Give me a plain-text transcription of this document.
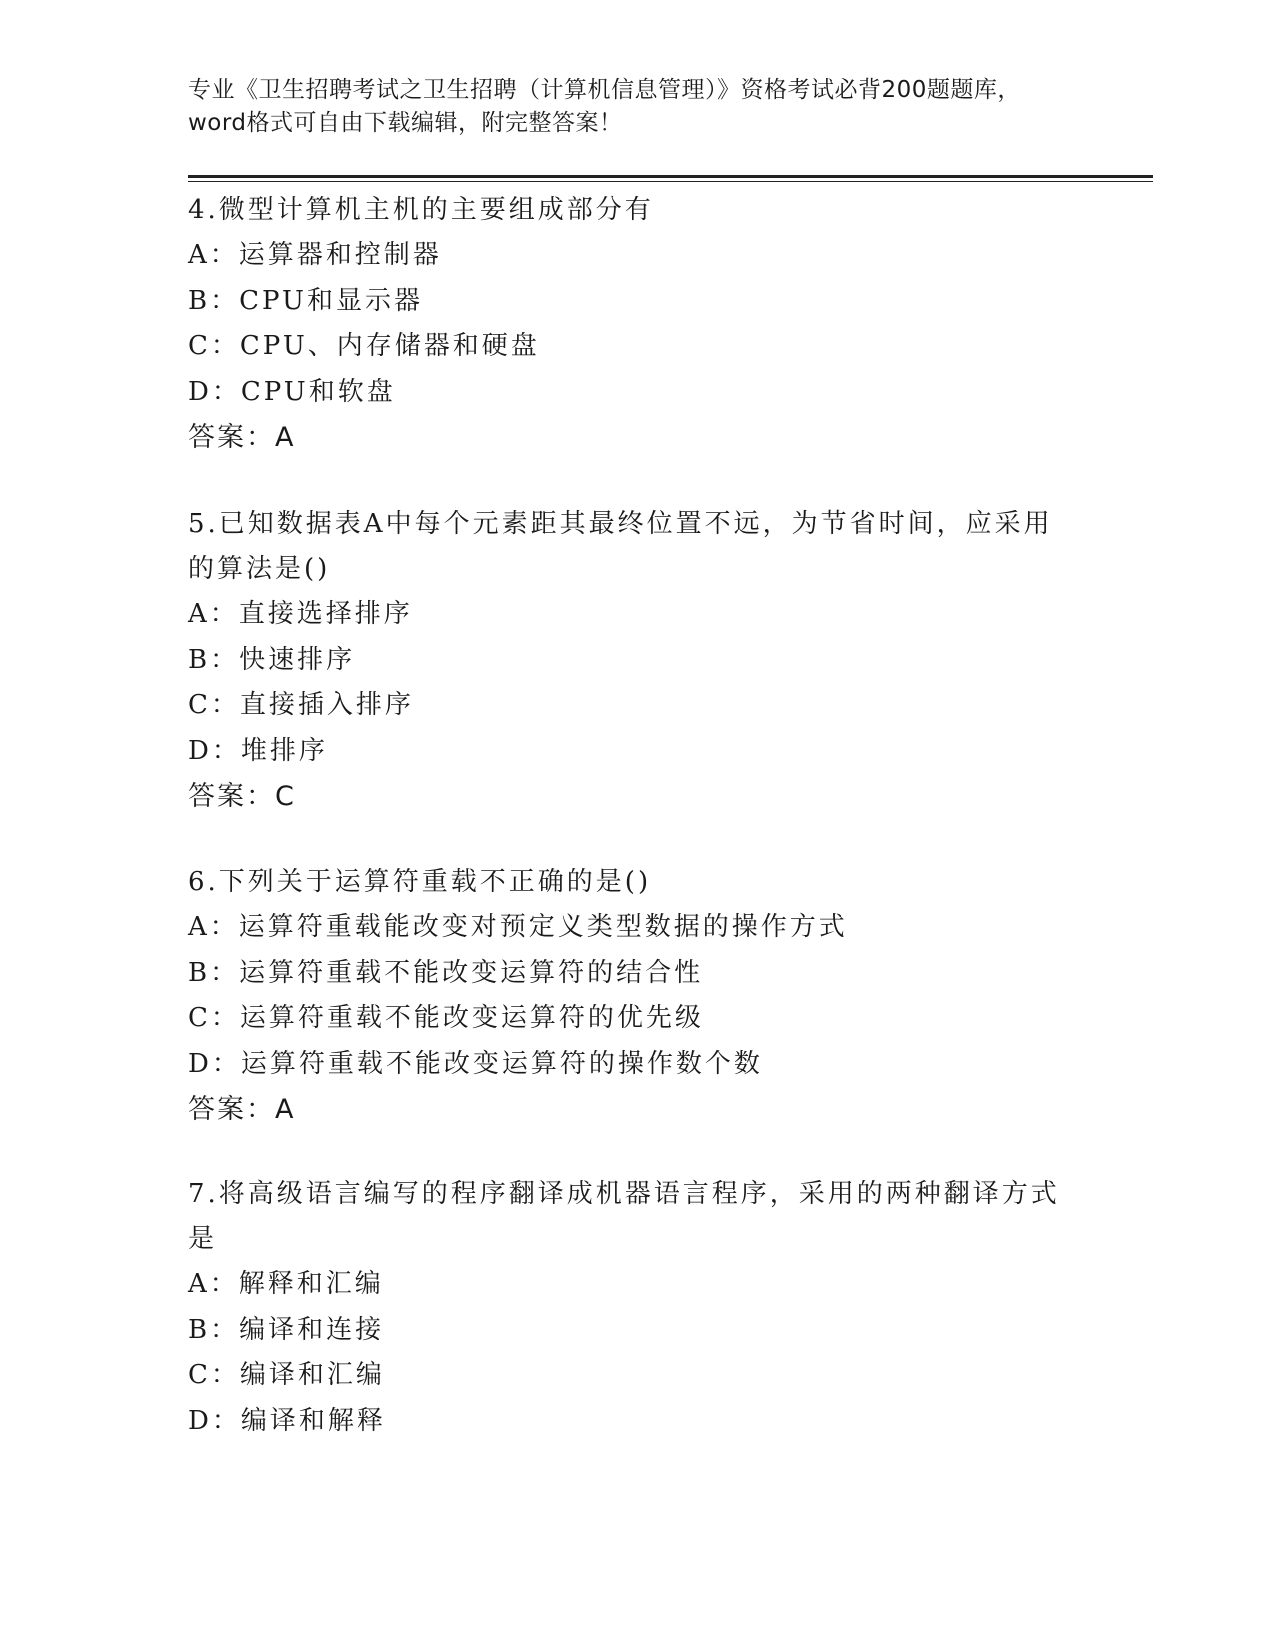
专业《卫生招聘考试之卫生招聘（计算机信息管理）》资格考试必背200题题库，
word格式可自由下载编辑，附完整答案！

4.微型计算机主机的主要组成部分有

A：运算器和控制器

B：CPU和显示器

C：CPU、内存储器和硬盘

D：CPU和软盘

答案：A

5.已知数据表A中每个元素距其最终位置不远，为节省时间，应采用的算法是()

A：直接选择排序

B：快速排序

C：直接插入排序

D：堆排序

答案：C

6.下列关于运算符重载不正确的是()

A：运算符重载能改变对预定义类型数据的操作方式

B：运算符重载不能改变运算符的结合性

C：运算符重载不能改变运算符的优先级

D：运算符重载不能改变运算符的操作数个数

答案：A

7.将高级语言编写的程序翻译成机器语言程序，采用的两种翻译方式是

A：解释和汇编

B：编译和连接

C：编译和汇编

D：编译和解释
